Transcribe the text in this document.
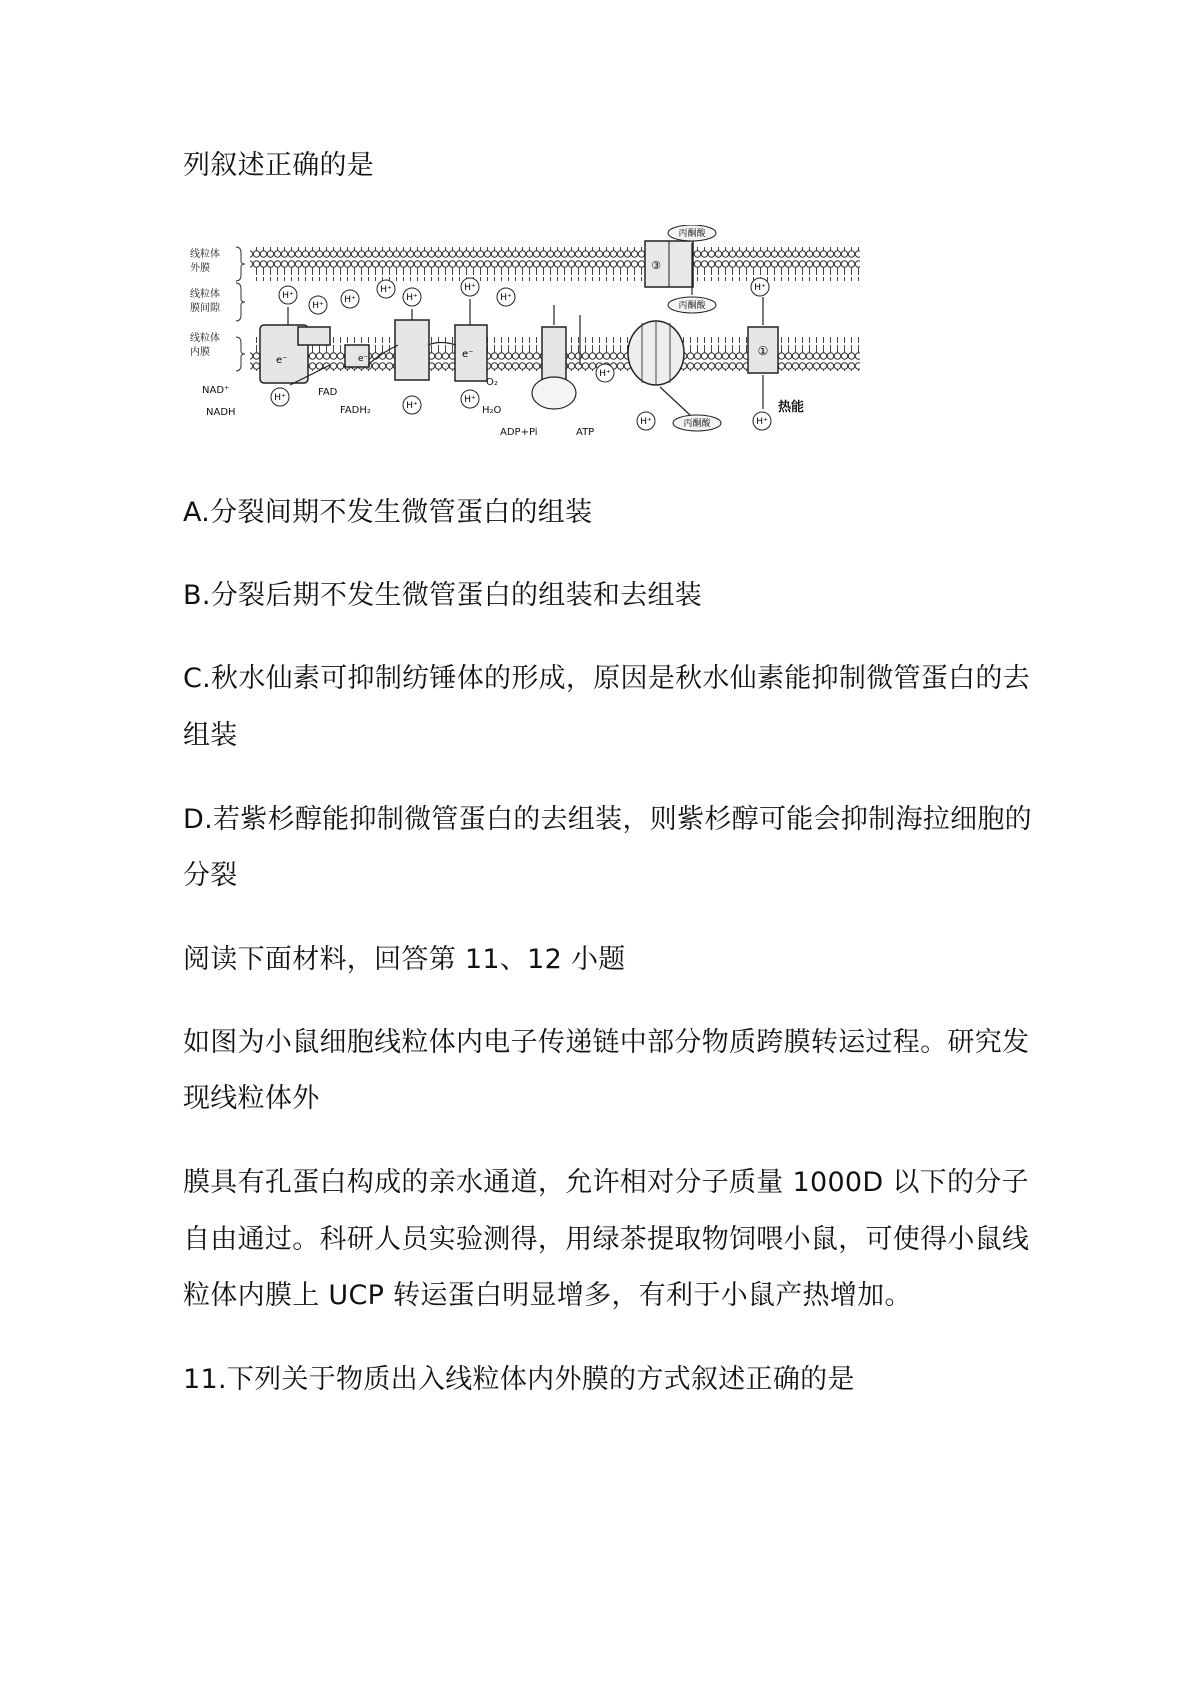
列叙述正确的是
线粒体 外膜
线粒体 膜间隙
线粒体 内膜
③
丙酮酸
丙酮酸
丙酮酸
e⁻	e⁻	e⁻	①
H⁺
H⁺
H⁺
H⁺
H⁺
H⁺
H⁺
H⁺
H⁺
H⁺
H⁺
H⁺
H⁺	H⁺
NAD⁺
NADH
FAD
FADH₂
O₂
H₂O
ADP+Pi	ATP
热能
A.分裂间期不发生微管蛋白的组装
B.分裂后期不发生微管蛋白的组装和去组装
C.秋水仙素可抑制纺锤体的形成，原因是秋水仙素能抑制微管蛋白的去
组装
D.若紫杉醇能抑制微管蛋白的去组装，则紫杉醇可能会抑制海拉细胞的
分裂
阅读下面材料，回答第 11、12 小题
如图为小鼠细胞线粒体内电子传递链中部分物质跨膜转运过程。研究发
现线粒体外
膜具有孔蛋白构成的亲水通道，允许相对分子质量 1000D 以下的分子
自由通过。科研人员实验测得，用绿茶提取物饲喂小鼠，可使得小鼠线
粒体内膜上 UCP 转运蛋白明显增多，有利于小鼠产热增加。
11.下列关于物质出入线粒体内外膜的方式叙述正确的是
